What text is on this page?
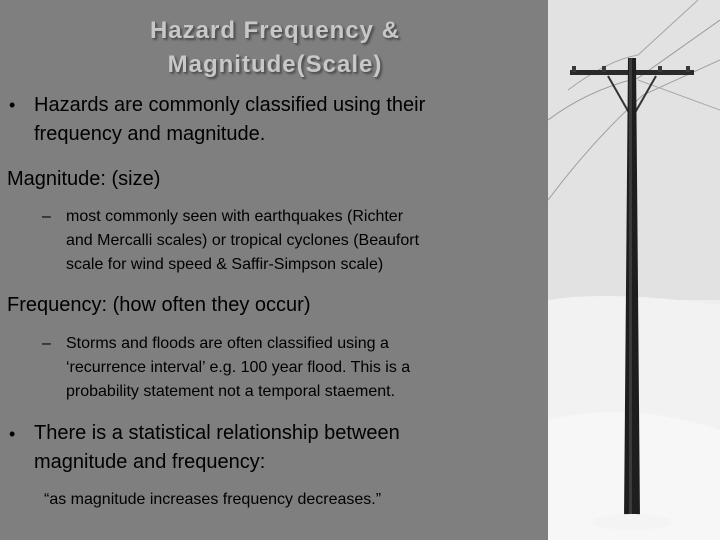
Hazard Frequency &
Magnitude(Scale)
• Hazards are commonly classified using their
frequency and magnitude.
Magnitude: (size)
– most commonly seen with earthquakes (Richter
and Mercalli scales) or tropical cyclones (Beaufort
scale for wind speed & Saffir-Simpson scale)
Frequency: (how often they occur)
– Storms and floods are often classified using a
‘recurrence interval’ e.g. 100 year flood. This is a
probability statement not a temporal staement.
• There is a statistical relationship between
magnitude and frequency:
“as magnitude increases frequency decreases.”
